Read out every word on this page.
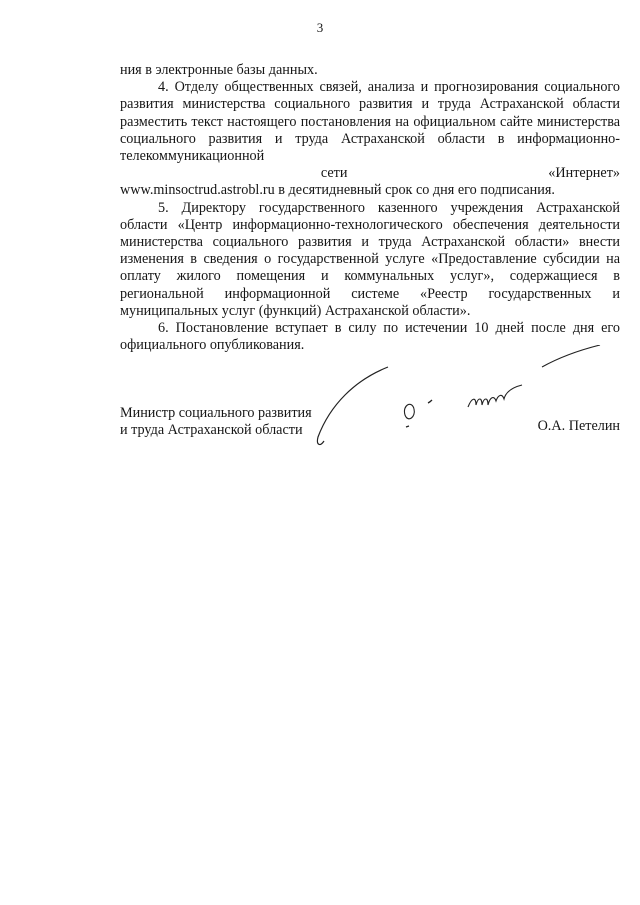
3

ния в электронные базы данных.

4. Отделу общественных связей, анализа и прогнозирования социального развития министерства социального развития и труда Астраханской области разместить текст настоящего постановления на официальном сайте министерства социального развития и труда Астраханской области в информационно-телекоммуникационной

сети	«Интернет»

www.minsoctrud.astrobl.ru в десятидневный срок со дня его подписания.

5. Директору государственного казенного учреждения Астраханской области «Центр информационно-технологического обеспечения деятельности министерства социального развития и труда Астраханской области» внести изменения в сведения о государственной услуге «Предоставление субсидии на оплату жилого помещения и коммунальных услуг», содержащиеся в региональной информационной системе «Реестр государственных и муниципальных услуг (функций) Астраханской области».

6. Постановление вступает в силу по истечении 10 дней после дня его официального опубликования.

Министр социального развития
и труда Астраханской области	О.А. Петелин
